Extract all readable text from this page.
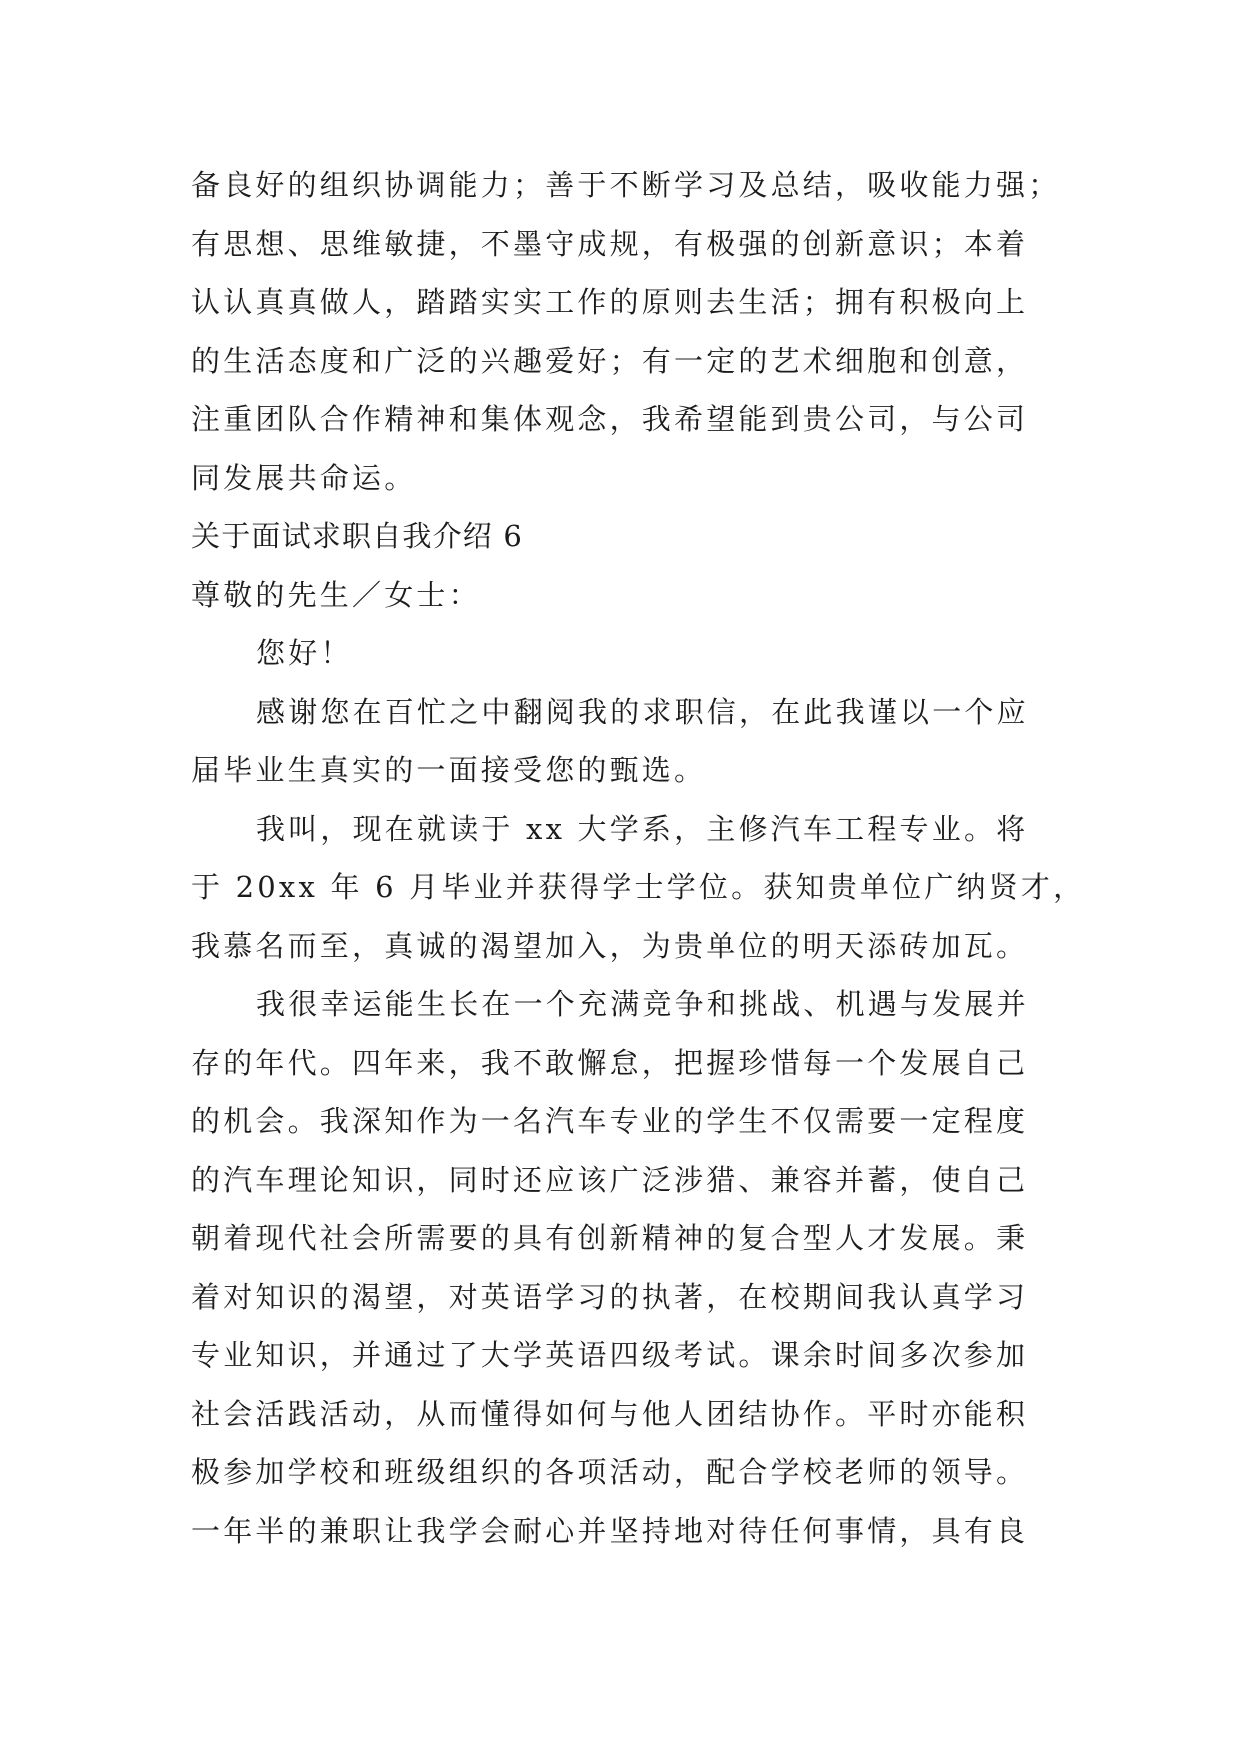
备良好的组织协调能力；善于不断学习及总结，吸收能力强；
有思想、思维敏捷，不墨守成规，有极强的创新意识；本着
认认真真做人，踏踏实实工作的原则去生活；拥有积极向上
的生活态度和广泛的兴趣爱好；有一定的艺术细胞和创意，
注重团队合作精神和集体观念，我希望能到贵公司，与公司
同发展共命运。
关于面试求职自我介绍 6
尊敬的先生／女士：
您好！
感谢您在百忙之中翻阅我的求职信，在此我谨以一个应
届毕业生真实的一面接受您的甄选。
我叫，现在就读于 xx 大学系，主修汽车工程专业。将
于 20xx 年 6 月毕业并获得学士学位。获知贵单位广纳贤才，
我慕名而至，真诚的渴望加入，为贵单位的明天添砖加瓦。
我很幸运能生长在一个充满竞争和挑战、机遇与发展并
存的年代。四年来，我不敢懈怠，把握珍惜每一个发展自己
的机会。我深知作为一名汽车专业的学生不仅需要一定程度
的汽车理论知识，同时还应该广泛涉猎、兼容并蓄，使自己
朝着现代社会所需要的具有创新精神的复合型人才发展。秉
着对知识的渴望，对英语学习的执著，在校期间我认真学习
专业知识，并通过了大学英语四级考试。课余时间多次参加
社会活践活动，从而懂得如何与他人团结协作。平时亦能积
极参加学校和班级组织的各项活动，配合学校老师的领导。
一年半的兼职让我学会耐心并坚持地对待任何事情，具有良
